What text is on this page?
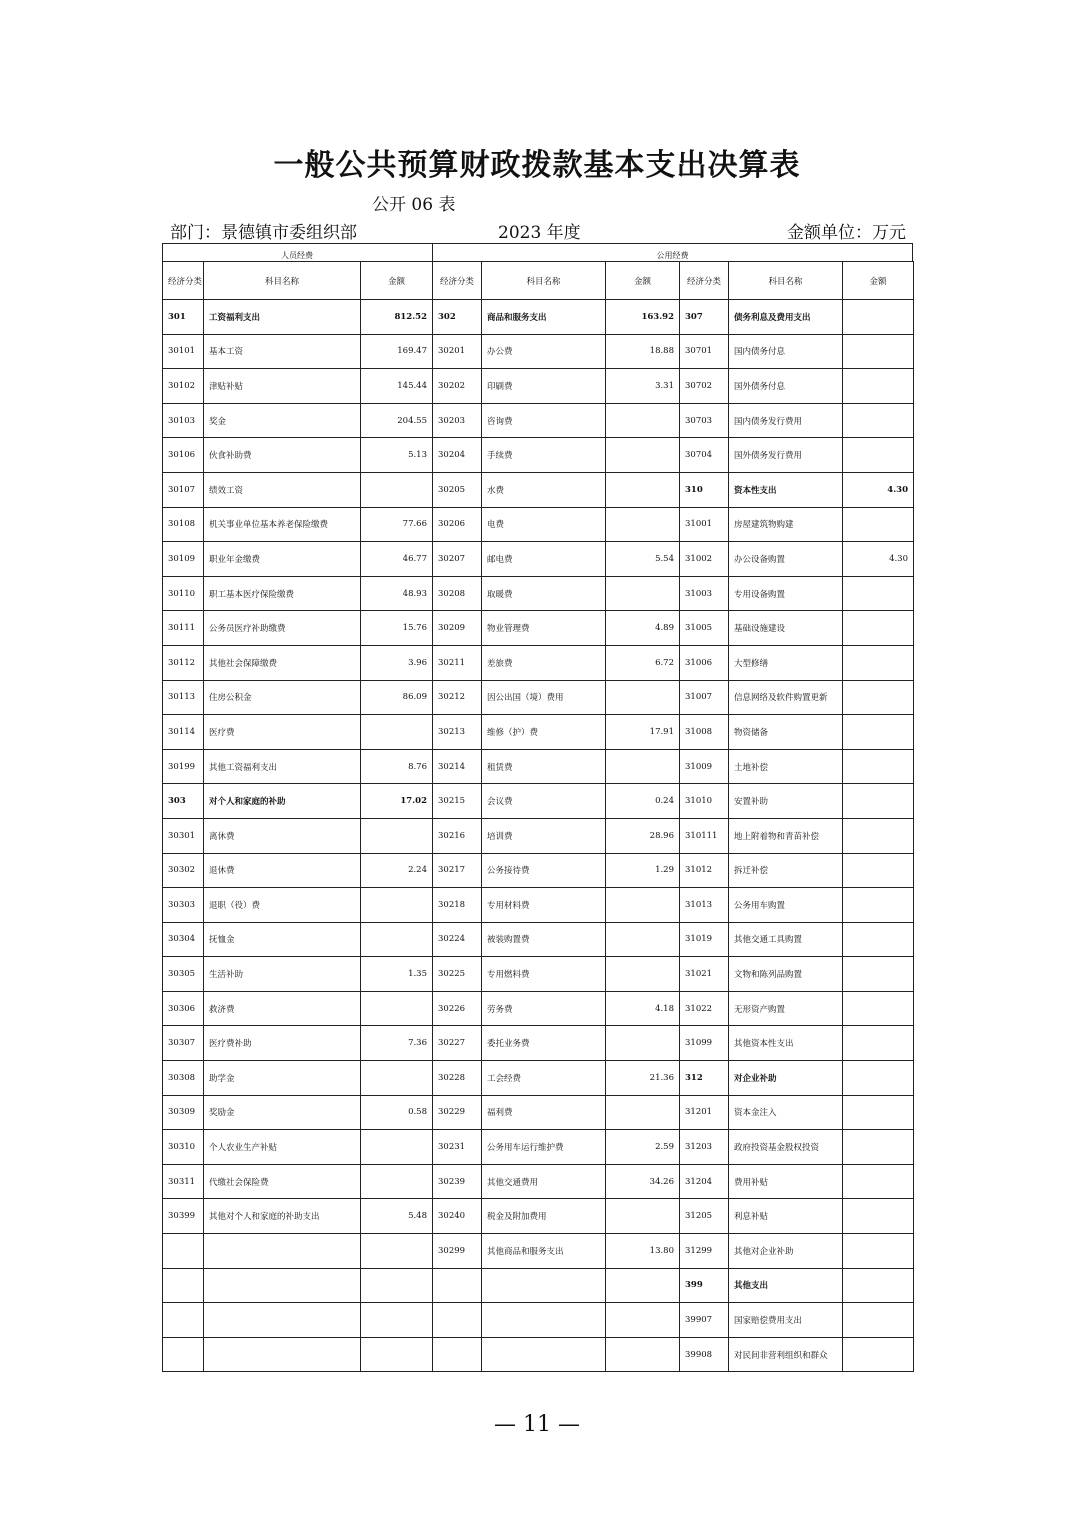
一般公共预算财政拨款基本支出决算表
公开 06 表
部门：景德镇市委组织部	2023 年度	金额单位：万元
人员经费	公用经费
经济分类	科目名称	金额	经济分类	科目名称	金额	经济分类	科目名称	金额
301	工资福利支出	812.52	302	商品和服务支出	163.92	307	债务利息及费用支出	
30101	基本工资	169.47	30201	办公费	18.88	30701	国内债务付息	
30102	津贴补贴	145.44	30202	印刷费	3.31	30702	国外债务付息	
30103	奖金	204.55	30203	咨询费		30703	国内债务发行费用	
30106	伙食补助费	5.13	30204	手续费		30704	国外债务发行费用	
30107	绩效工资		30205	水费		310	资本性支出	4.30
30108	机关事业单位基本养老保险缴费	77.66	30206	电费		31001	房屋建筑物购建	
30109	职业年金缴费	46.77	30207	邮电费	5.54	31002	办公设备购置	4.30
30110	职工基本医疗保险缴费	48.93	30208	取暖费		31003	专用设备购置	
30111	公务员医疗补助缴费	15.76	30209	物业管理费	4.89	31005	基础设施建设	
30112	其他社会保障缴费	3.96	30211	差旅费	6.72	31006	大型修缮	
30113	住房公积金	86.09	30212	因公出国（境）费用		31007	信息网络及软件购置更新	
30114	医疗费		30213	维修（护）费	17.91	31008	物资储备	
30199	其他工资福利支出	8.76	30214	租赁费		31009	土地补偿	
303	对个人和家庭的补助	17.02	30215	会议费	0.24	31010	安置补助	
30301	离休费		30216	培训费	28.96	310111	地上附着物和青苗补偿	
30302	退休费	2.24	30217	公务接待费	1.29	31012	拆迁补偿	
30303	退职（役）费		30218	专用材料费		31013	公务用车购置	
30304	抚恤金		30224	被装购置费		31019	其他交通工具购置	
30305	生活补助	1.35	30225	专用燃料费		31021	文物和陈列品购置	
30306	救济费		30226	劳务费	4.18	31022	无形资产购置	
30307	医疗费补助	7.36	30227	委托业务费		31099	其他资本性支出	
30308	助学金		30228	工会经费	21.36	312	对企业补助	
30309	奖励金	0.58	30229	福利费		31201	资本金注入	
30310	个人农业生产补贴		30231	公务用车运行维护费	2.59	31203	政府投资基金股权投资	
30311	代缴社会保险费		30239	其他交通费用	34.26	31204	费用补贴	
30399	其他对个人和家庭的补助支出	5.48	30240	税金及附加费用		31205	利息补贴	
			30299	其他商品和服务支出	13.80	31299	其他对企业补助	
						399	其他支出	
						39907	国家赔偿费用支出	
						39908	对民间非营利组织和群众	
— 11 —
